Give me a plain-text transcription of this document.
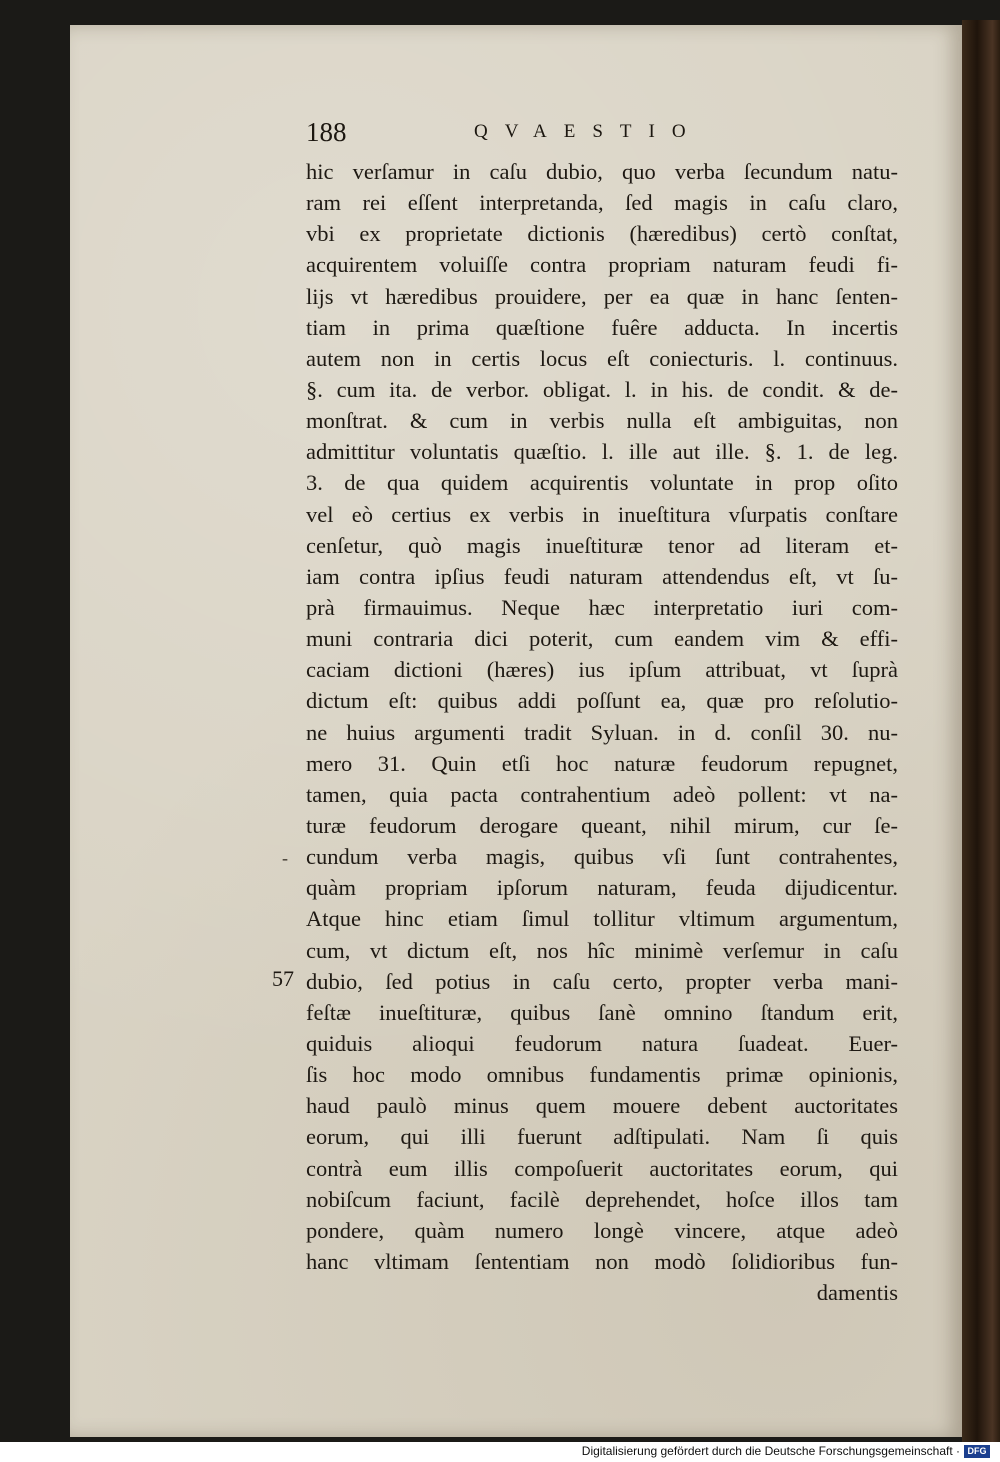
188	QVAESTIO
-
57
hic verſamur in caſu dubio, quo verba ſecundum natu-
ram rei eſſent interpretanda, ſed magis in caſu claro,
vbi ex proprietate dictionis (hæredibus) certò conſtat,
acquirentem voluiſſe contra propriam naturam feudi fi-
lijs vt hæredibus prouidere, per ea quæ in hanc ſenten-
tiam in prima quæſtione fuêre adducta. In incertis
autem non in certis locus eſt coniecturis. l. continuus.
§. cum ita. de verbor. obligat. l. in his. de condit. & de-
monſtrat. & cum in verbis nulla eſt ambiguitas, non
admittitur voluntatis quæſtio. l. ille aut ille. §. 1. de leg.
3. de qua quidem acquirentis voluntate in prop oſito
vel eò certius ex verbis in inueſtitura vſurpatis conſtare
cenſetur, quò magis inueſtituræ tenor ad literam et-
iam contra ipſius feudi naturam attendendus eſt, vt ſu-
prà firmauimus. Neque hæc interpretatio iuri com-
muni contraria dici poterit, cum eandem vim & effi-
caciam dictioni (hæres) ius ipſum attribuat, vt ſuprà
dictum eſt: quibus addi poſſunt ea, quæ pro reſolutio-
ne huius argumenti tradit Syluan. in d. conſil 30. nu-
mero 31. Quin etſi hoc naturæ feudorum repugnet,
tamen, quia pacta contrahentium adeò pollent: vt na-
turæ feudorum derogare queant, nihil mirum, cur ſe-
cundum verba magis, quibus vſi ſunt contrahentes,
quàm propriam ipſorum naturam, feuda dijudicentur.
Atque hinc etiam ſimul tollitur vltimum argumentum,
cum, vt dictum eſt, nos hîc minimè verſemur in caſu
dubio, ſed potius in caſu certo, propter verba mani-
feſtæ inueſtituræ, quibus ſanè omnino ſtandum erit,
quiduis alioqui feudorum natura ſuadeat. Euer-
ſis hoc modo omnibus fundamentis primæ opinionis,
haud paulò minus quem mouere debent auctoritates
eorum, qui illi fuerunt adſtipulati. Nam ſi quis
contrà eum illis compoſuerit auctoritates eorum, qui
nobiſcum faciunt, facilè deprehendet, hoſce illos tam
pondere, quàm numero longè vincere, atque adeò
hanc vltimam ſententiam non modò ſolidioribus fun-
damentis
Digitalisierung gefördert durch die Deutsche Forschungsgemeinschaft · DFG
